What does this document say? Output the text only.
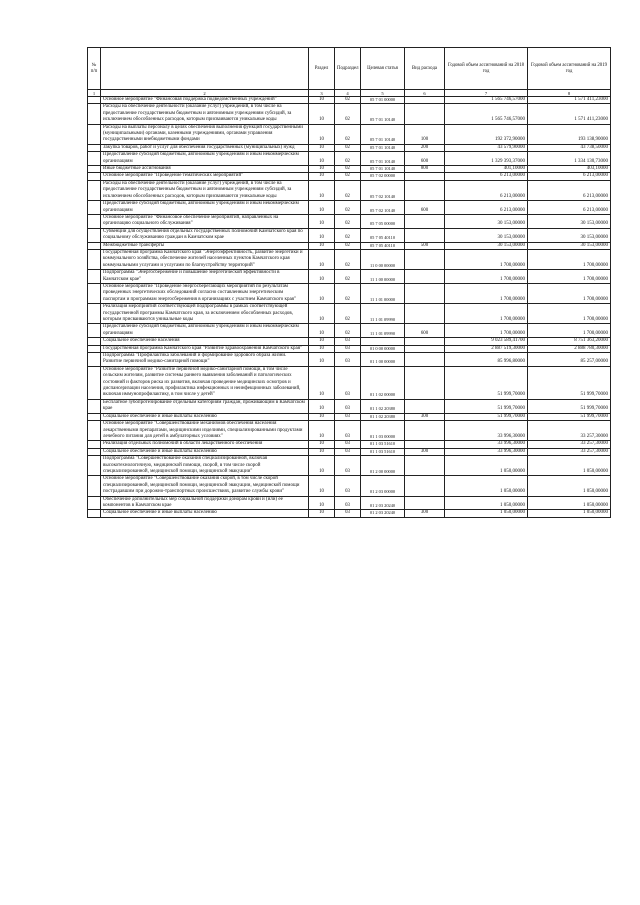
№ п/п		Раздел	Подраздел	Целевая статья	Вид расхода	Годовой объем ассигнований на 2018 год	Годовой объем ассигнований на 2019 год
1	2	3	4	5	6	7	8
	Основное мероприятие "Финансовая поддержка подведомственных учреждений"	10	02	05 7 01 00000		1 565 746,57000	1 571 411,23000
	Расходы на обеспечение деятельности (оказание услуг) учреждений, в том числе на предоставление государственным бюджетным и автономным учреждениям субсидий, за исключением обособленных расходов, которым присваиваются уникальные коды	10	02	05 7 01 10140		1 565 746,57000	1 571 411,23000
	Расходы на выплаты персоналу в целях обеспечения выполнения функций государственными (муниципальными) органами, казенными учреждениями, органами управления государственными внебюджетными фондами	10	02	05 7 01 10140	100	192 372,90000	193 138,90000
	Закупка товаров, работ и услуг для обеспечения государственных (муниципальных) нужд	10	02	05 7 01 10140	200	43 579,90000	43 738,50000
	Предоставление субсидий бюджетным, автономным учреждениям и иным некоммерческим организациям	10	02	05 7 01 10140	600	1 329 393,37000	1 334 130,73000
	Иные бюджетные ассигнования	10	02	05 7 01 10140	800	401,10000	403,10000
	Основное мероприятие "Проведение тематических мероприятий"	10	02	05 7 02 00000		6 213,00000	6 213,00000
	Расходы на обеспечение деятельности (оказание услуг) учреждений, в том числе на предоставление государственным бюджетным и автономным учреждениям субсидий, за исключением обособленных расходов, которым присваиваются уникальные коды	10	02	05 7 02 10140		6 213,00000	6 213,00000
	Предоставление субсидий бюджетным, автономным учреждениям и иным некоммерческим организациям	10	02	05 7 02 10140	600	6 213,00000	6 213,00000
	Основное мероприятие "Финансовое обеспечение мероприятий, направленных на организацию социального обслуживания"	10	02	05 7 05 00000		30 153,00000	30 153,00000
	Субвенции для осуществления отдельных государственных полномочий Камчатского края по социальному обслуживанию граждан в Камчатском крае	10	02	05 7 05 40110		30 153,00000	30 153,00000
	Межбюджетные трансферты	10	02	05 7 05 40110	500	30 153,00000	30 153,00000
	Государственная программа Камчатского края "Энергоэффективность, развитие энергетики и коммунального хозяйства, обеспечение жителей населенных пунктов Камчатского края коммунальными услугами и услугами по благоустройству территорий"	10	02	11 0 00 00000		1 700,00000	1 700,00000
	Подпрограмма "Энергосбережение и повышение энергетической эффективности в Камчатском крае"	10	02	11 1 00 00000		1 700,00000	1 700,00000
	Основное мероприятие "Проведение энергосберегающих мероприятий по результатам проведенных энергетических обследований согласно составленным энергетическим паспортам и программам энергосбережения в организациях с участием Камчатского края"	10	02	11 1 01 00000		1 700,00000	1 700,00000
	Реализация мероприятий соответствующей подпрограммы в рамках соответствующей государственной программы Камчатского края, за исключением обособленных расходов, которым присваиваются уникальные коды	10	02	11 1 01 09990		1 700,00000	1 700,00000
	Предоставление субсидий бюджетным, автономным учреждениям и иным некоммерческим организациям	10	02	11 1 01 09990	600	1 700,00000	1 700,00000
	Социальное обеспечение населения	10	03			9 023 589,41700	8 751 363,20000
	Государственная программа Камчатского края "Развитие здравоохранения Камчатского края"	10	03	01 0 00 00000		2 887 519,30000	2 888 780,30000
	Подпрограмма "Профилактика заболеваний и формирование здорового образа жизни. Развитие первичной медико-санитарной помощи"	10	03	01 1 00 00000		85 996,80000	85 257,00000
	Основное мероприятие "Развитие первичной медико-санитарной помощи, в том числе сельским жителям, развитие системы раннего выявления заболеваний и патологических состояний и факторов риска их развития, включая проведение медицинских осмотров и диспансеризации населения, профилактика инфекционных и неинфекционных заболеваний, включая иммунопрофилактику, в том числе у детей"	10	03	01 1 02 00000		51 999,70000	51 999,70000
	Бесплатное зубопротезирование отдельным категориям граждан, проживающим в Камчатском крае	10	03	01 1 02 20380		51 999,70000	51 999,70000
	Социальное обеспечение и иные выплаты населению	10	03	01 1 02 20380	300	51 999,70000	51 999,70000
	Основное мероприятие "Совершенствование механизмов обеспечения населения лекарственными препаратами, медицинскими изделиями, специализированными продуктами лечебного питания для детей в амбулаторных условиях"	10	03	01 1 03 00000		33 996,30000	33 257,30000
	Реализация отдельных полномочий в области лекарственного обеспечения	10	03	01 1 03 51610		33 996,30000	33 257,30000
	Социальное обеспечение и иные выплаты населению	10	03	01 1 03 51610	300	33 996,30000	33 257,30000
	Подпрограмма "Совершенствование оказания специализированной, включая высокотехнологичную, медицинской помощи, скорой, в том числе скорой специализированной, медицинской помощи, медицинской эвакуации"	10	03	01 2 00 00000		1 050,00000	1 050,00000
	Основное мероприятие "Совершенствование оказания скорой, в том числе скорой специализированной, медицинской помощи, медицинской эвакуации, медицинской помощи пострадавшим при дорожно-транспортных происшествиях, развитие службы крови"	10	03	01 2 03 00000		1 050,00000	1 050,00000
	Обеспечение дополнительных мер социальной поддержки донорам крови и (или) ее компонентов в Камчатском крае	10	03	01 2 03 20240		1 050,00000	1 050,00000
	Социальное обеспечение и иные выплаты населению	10	03	01 2 03 20240	300	1 050,00000	1 050,00000
